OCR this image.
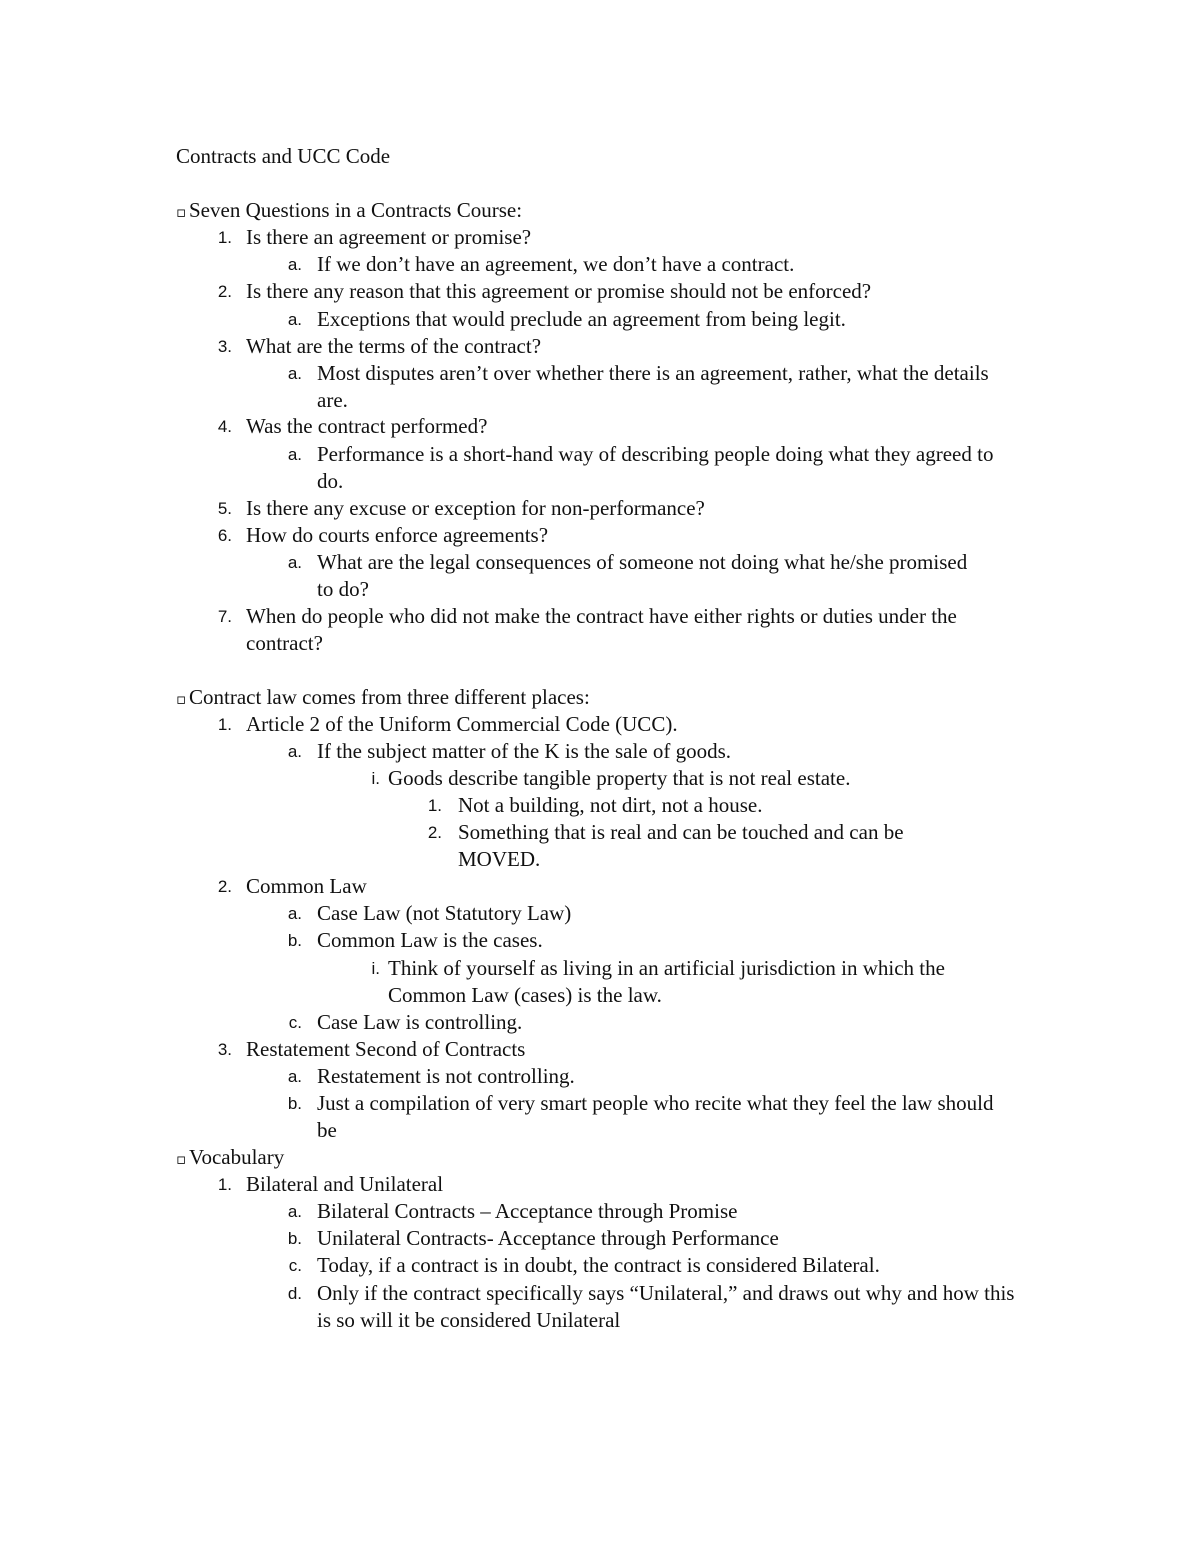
Contracts and UCC Code
▫ Seven Questions in a Contracts Course:
1. Is there an agreement or promise?
a. If we don’t have an agreement, we don’t have a contract.
2. Is there any reason that this agreement or promise should not be enforced?
a. Exceptions that would preclude an agreement from being legit.
3. What are the terms of the contract?
a. Most disputes aren’t over whether there is an agreement, rather, what the details are.
4. Was the contract performed?
a. Performance is a short-hand way of describing people doing what they agreed to do.
5. Is there any excuse or exception for non-performance?
6. How do courts enforce agreements?
a. What are the legal consequences of someone not doing what he/she promised to do?
7. When do people who did not make the contract have either rights or duties under the contract?
▫ Contract law comes from three different places:
1. Article 2 of the Uniform Commercial Code (UCC).
a. If the subject matter of the K is the sale of goods.
i. Goods describe tangible property that is not real estate.
1. Not a building, not dirt, not a house.
2. Something that is real and can be touched and can be MOVED.
2. Common Law
a. Case Law (not Statutory Law)
b. Common Law is the cases.
i. Think of yourself as living in an artificial jurisdiction in which the Common Law (cases) is the law.
c. Case Law is controlling.
3. Restatement Second of Contracts
a. Restatement is not controlling.
b. Just a compilation of very smart people who recite what they feel the law should be
▫ Vocabulary
1. Bilateral and Unilateral
a. Bilateral Contracts – Acceptance through Promise
b. Unilateral Contracts- Acceptance through Performance
c. Today, if a contract is in doubt, the contract is considered Bilateral.
d. Only if the contract specifically says “Unilateral,” and draws out why and how this is so will it be considered Unilateral
